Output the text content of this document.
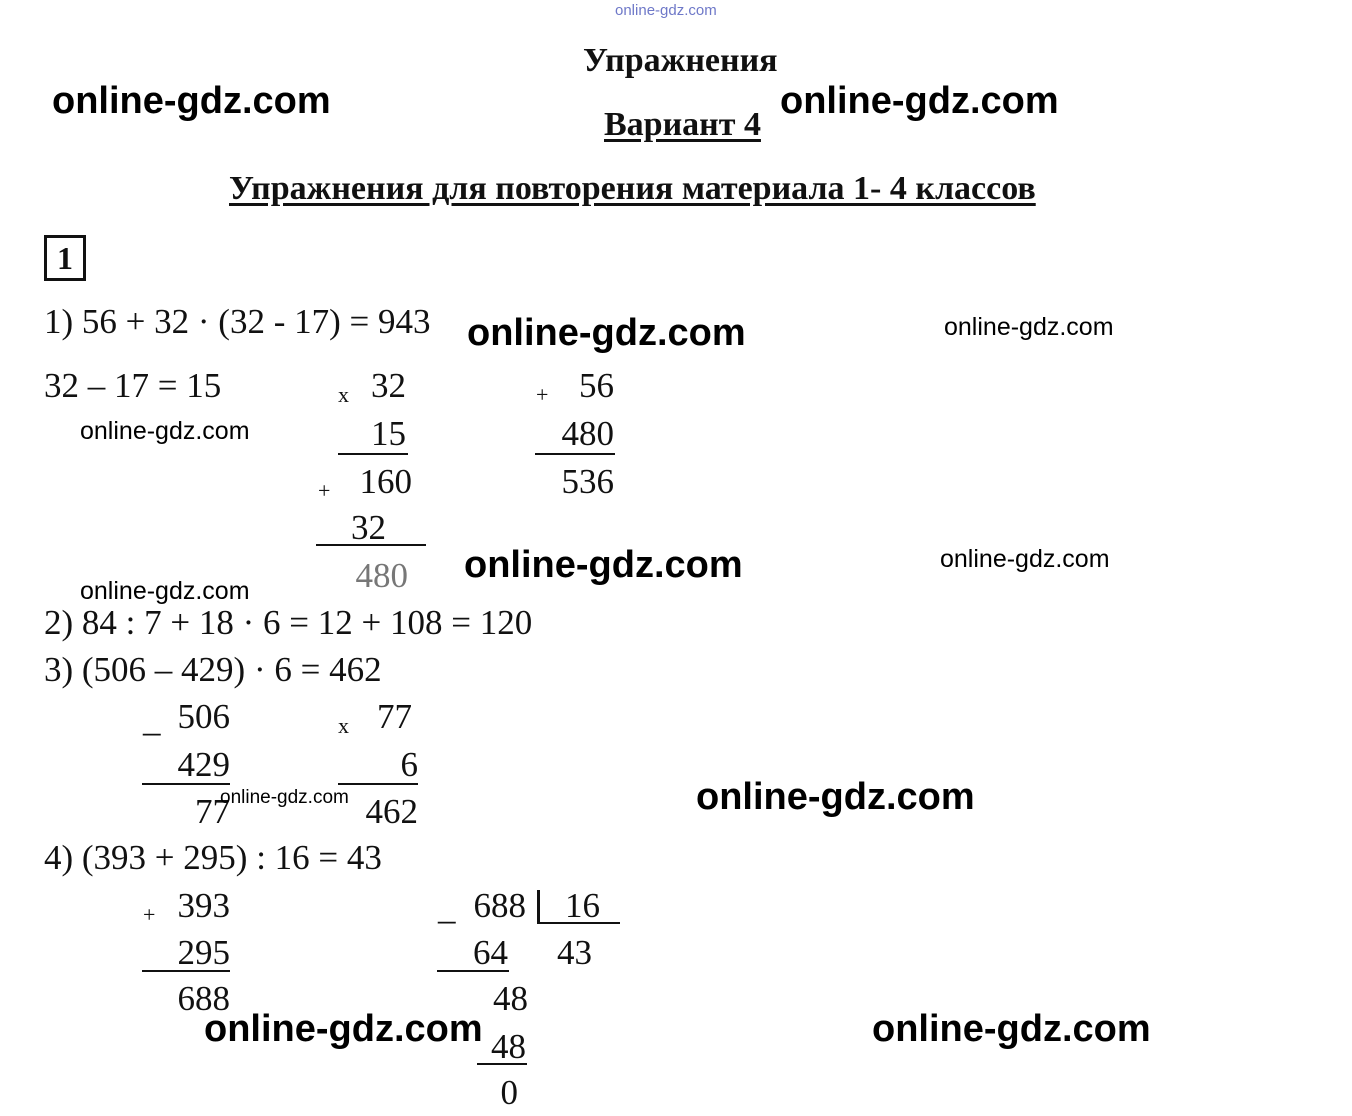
online-gdz.com
Упражнения
Вариант 4
Упражнения для повторения материала 1- 4 классов
1
1) 56 + 32 · (32 - 17) = 943
32 – 17 = 15	x 32
15
+ 160
32
480
+ 56
480
536
2) 84 : 7 + 18 · 6 = 12 + 108 = 120
3) (506 – 429) · 6 = 462
_ 506
429
77
x 77
6
462
4) (393 + 295) : 16 = 43
+ 393
295
688
_ 688	16
43
64
48
48
0
online-gdz.com	online-gdz.com
online-gdz.com	online-gdz.com
online-gdz.com
online-gdz.com	online-gdz.com
online-gdz.com
online-gdz.com	online-gdz.com
online-gdz.com	online-gdz.com
